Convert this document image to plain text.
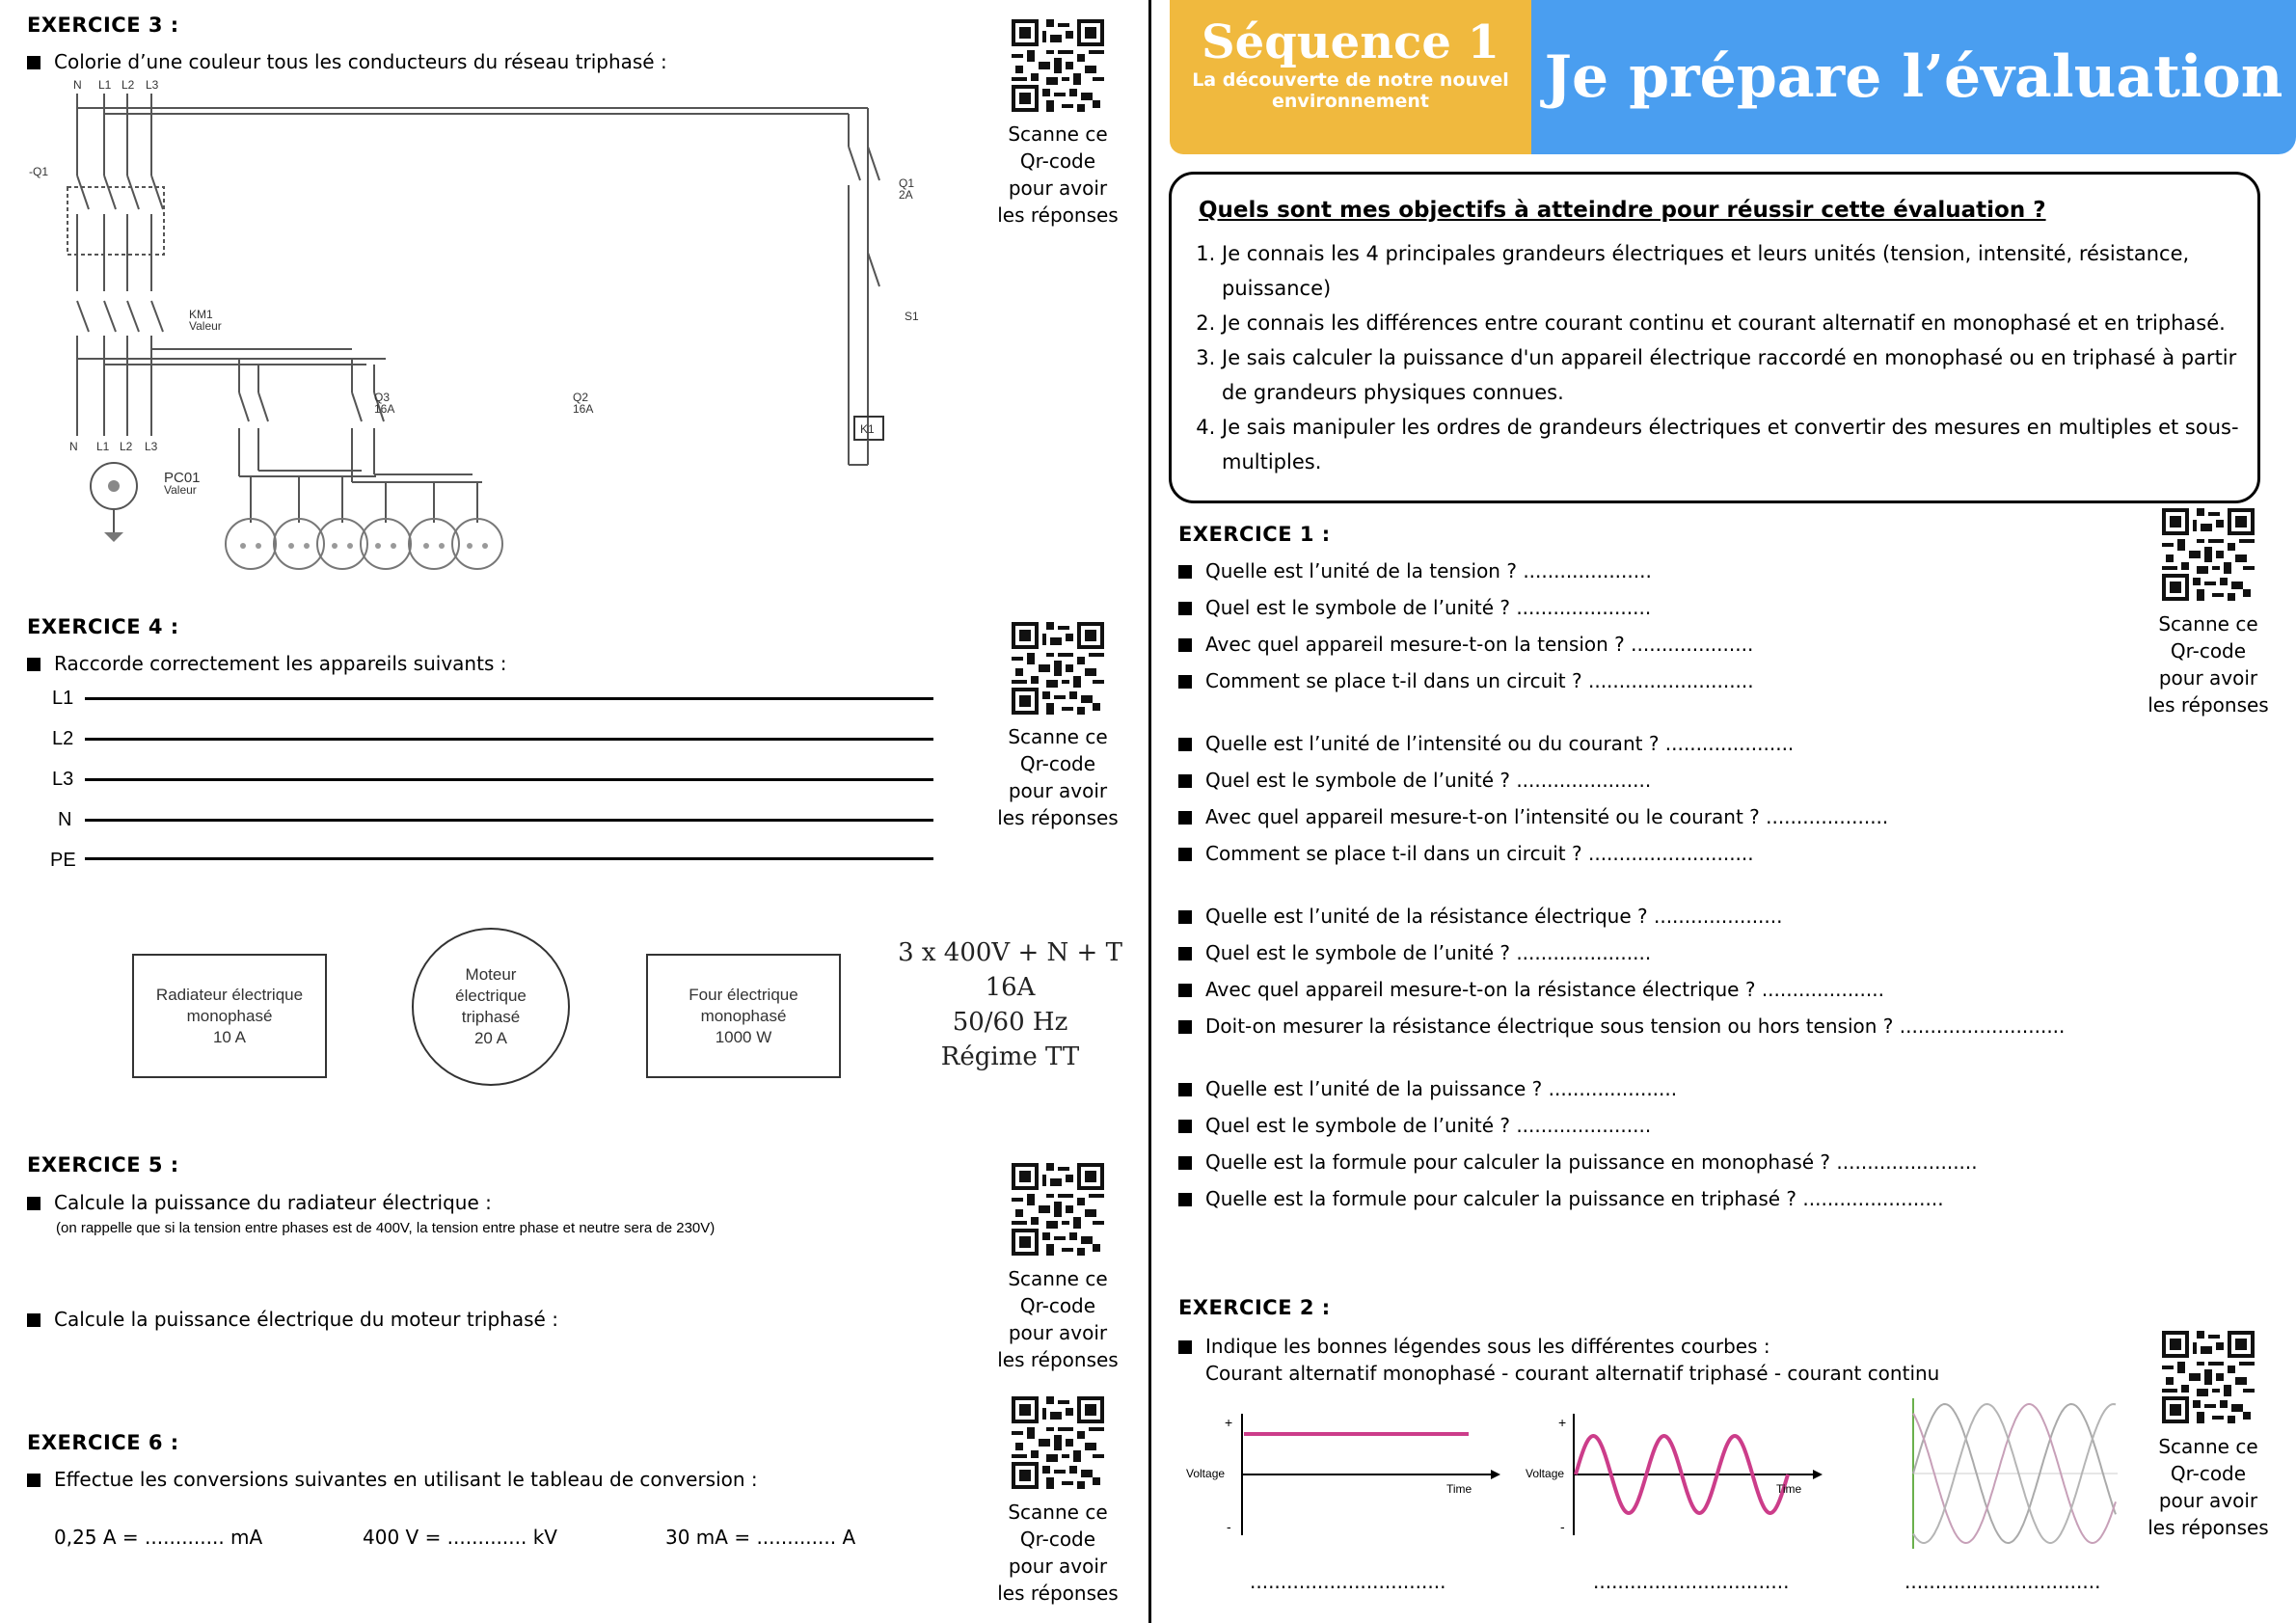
EXERCICE 3 :
Colorie d’une couleur tous les conducteurs du réseau triphasé :
Scanne ce
Qr-code
pour avoir
les réponses
N L1 L2 L3
-Q1
Q1
2A
S1
K1
KM1
Valeur
Q3
16A
Q2
16A
N L1 L2 L3
PC01
Valeur
EXERCICE 4 :
Raccorde correctement les appareils suivants :
Scanne ce
Qr-code
pour avoir
les réponses
L1
L2
L3
N
PE
Radiateur électrique
monophasé
10 A
Moteur
électrique
triphasé
20 A
Four électrique
monophasé
1000 W
3 x 400V + N + T
16A
50/60 Hz
Régime TT
EXERCICE 5 :
Calcule la puissance du radiateur électrique :
(on rappelle que si la tension entre phases est de 400V, la tension entre phase et neutre sera de 230V)
Calcule la puissance électrique du moteur triphasé :
Scanne ce
Qr-code
pour avoir
les réponses
EXERCICE 6 :
Effectue les conversions suivantes en utilisant le tableau de conversion :
0,25 A = ............. mA	400 V = ............. kV	30 mA = ............. A
Scanne ce
Qr-code
pour avoir
les réponses
Séquence 1
La découverte de notre nouvel
environnement	Je prépare l’évaluation
Quels sont mes objectifs à atteindre pour réussir cette évaluation ?
1. Je connais les 4 principales grandeurs électriques et leurs unités (tension, intensité, résistance, puissance)
2. Je connais les différences entre courant continu et courant alternatif en monophasé et en triphasé.
3. Je sais calculer la puissance d'un appareil électrique raccordé en monophasé ou en triphasé à partir de grandeurs physiques connues.
4. Je sais manipuler les ordres de grandeurs électriques et convertir des mesures en multiples et sous-multiples.
EXERCICE 1 :
Quelle est l’unité de la tension ? .....................
Quel est le symbole de l’unité ? ......................
Avec quel appareil mesure-t-on la tension ? ....................
Comment se place t-il dans un circuit ? ...........................
Quelle est l’unité de l’intensité ou du courant ? .....................
Quel est le symbole de l’unité ? ......................
Avec quel appareil mesure-t-on l’intensité ou le courant ? ....................
Comment se place t-il dans un circuit ? ...........................
Quelle est l’unité de la résistance électrique ? .....................
Quel est le symbole de l’unité ? ......................
Avec quel appareil mesure-t-on la résistance électrique ? ....................
Doit-on mesurer la résistance électrique sous tension ou hors tension ? ...........................
Quelle est l’unité de la puissance ? .....................
Quel est le symbole de l’unité ? ......................
Quelle est la formule pour calculer la puissance en monophasé ? .......................
Quelle est la formule pour calculer la puissance en triphasé ? .......................
Scanne ce
Qr-code
pour avoir
les réponses
EXERCICE 2 :
Indique les bonnes légendes sous les différentes courbes :
Courant alternatif monophasé - courant alternatif triphasé - courant continu
Scanne ce
Qr-code
pour avoir
les réponses
+
-
Voltage
Time
+
-
Voltage
Time
................................	................................	................................
